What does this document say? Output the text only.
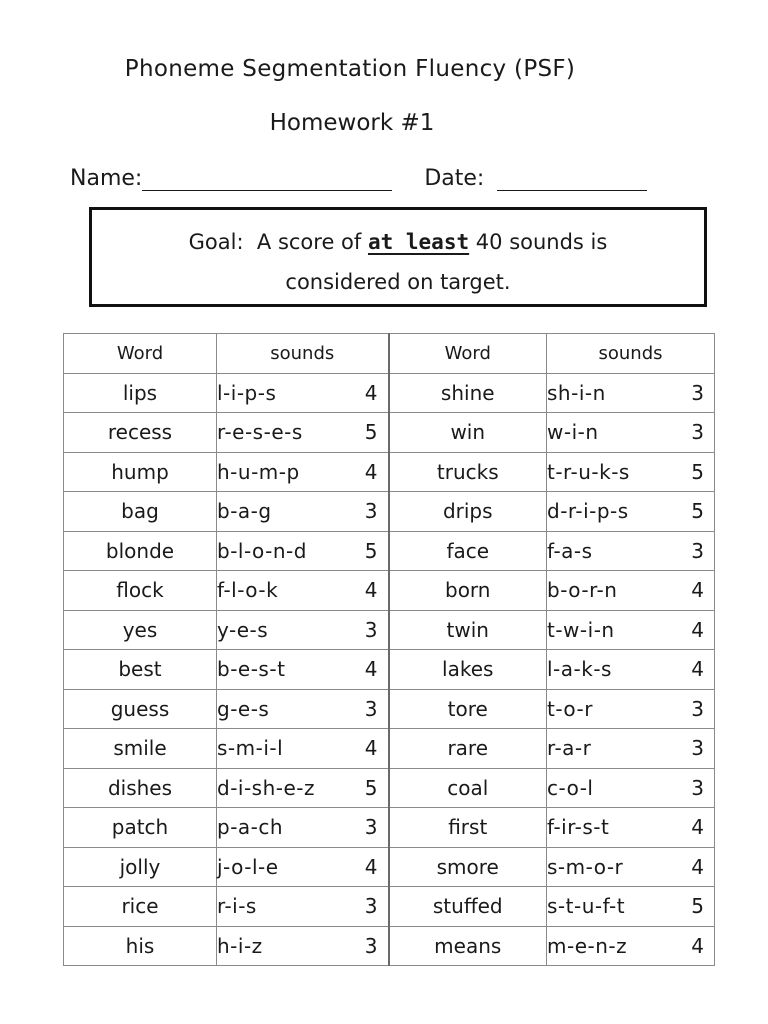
Phoneme Segmentation Fluency (PSF)
Homework #1
Name:	Date:
Goal:  A score of at least 40 sounds is
considered on target.
Word	sounds	Word	sounds
lips	l-i-p-s 4	shine	sh-i-n 3

recess	r-e-s-e-s 5	win	w-i-n 3

hump	h-u-m-p 4	trucks	t-r-u-k-s 5

bag	b-a-g 3	drips	d-r-i-p-s 5

blonde	b-l-o-n-d 5	face	f-a-s 3

flock	f-l-o-k 4	born	b-o-r-n 4

yes	y-e-s 3	twin	t-w-i-n 4

best	b-e-s-t 4	lakes	l-a-k-s 4

guess	g-e-s 3	tore	t-o-r 3

smile	s-m-i-l 4	rare	r-a-r 3

dishes	d-i-sh-e-z 5	coal	c-o-l 3

patch	p-a-ch 3	first	f-ir-s-t 4

jolly	j-o-l-e 4	smore	s-m-o-r 4

rice	r-i-s 3	stuffed	s-t-u-f-t 5

his	h-i-z 3	means	m-e-n-z 4
